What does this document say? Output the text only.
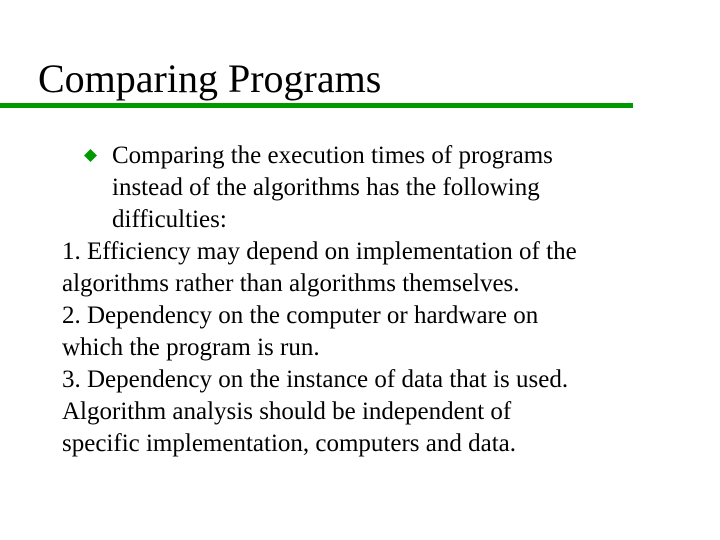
Comparing Programs
Comparing the execution times of programs
instead of the algorithms has the following
difficulties:
1. Efficiency may depend on implementation of the
algorithms rather than algorithms themselves.
2. Dependency on the computer or hardware on
which the program is run.
3. Dependency on the instance of data that is used.
Algorithm analysis should be independent of
specific implementation, computers and data.
